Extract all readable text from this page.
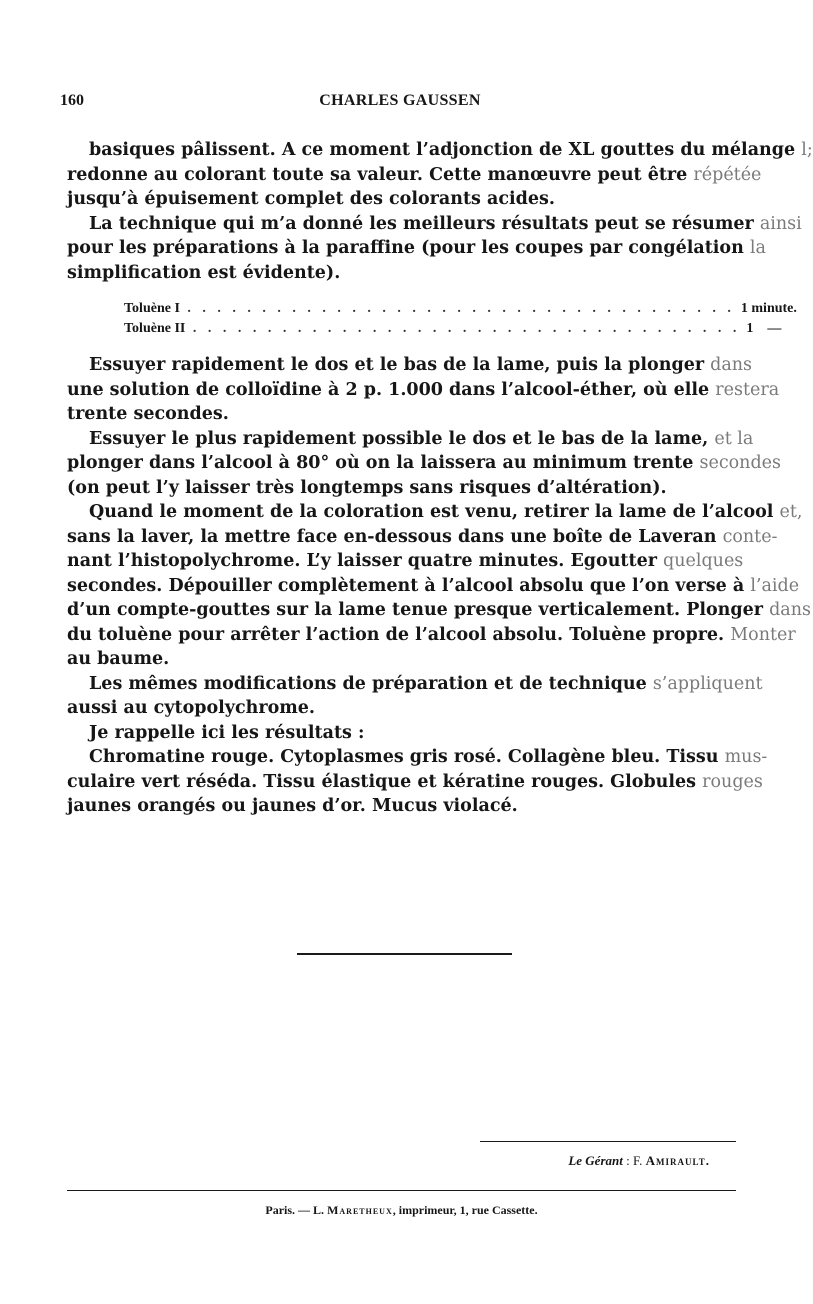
160	CHARLES GAUSSEN
basiques pâlissent. A ce moment l’adjonction de XL gouttes du mélange l;
redonne au colorant toute sa valeur. Cette manœuvre peut être répétée
jusqu’à épuisement complet des colorants acides.
La technique qui m’a donné les meilleurs résultats peut se résumer ainsi
pour les préparations à la paraffine (pour les coupes par congélation la
simplification est évidente).
Toluène I . . . . . . . . . . . . . . . . . . . . . . . . . . . . . . . . . . . . . 1 minute.
Toluène II . . . . . . . . . . . . . . . . . . . . . . . . . . . . . . . . . . . . . 1    —
Essuyer rapidement le dos et le bas de la lame, puis la plonger dans
une solution de colloïdine à 2 p. 1.000 dans l’alcool-éther, où elle restera
trente secondes.
Essuyer le plus rapidement possible le dos et le bas de la lame, et la
plonger dans l’alcool à 80° où on la laissera au minimum trente secondes
(on peut l’y laisser très longtemps sans risques d’altération).
Quand le moment de la coloration est venu, retirer la lame de l’alcool et,
sans la laver, la mettre face en-dessous dans une boîte de Laveran conte-
nant l’histopolychrome. L’y laisser quatre minutes. Egoutter quelques
secondes. Dépouiller complètement à l’alcool absolu que l’on verse à l’aide
d’un compte-gouttes sur la lame tenue presque verticalement. Plonger dans
du toluène pour arrêter l’action de l’alcool absolu. Toluène propre. Monter
au baume.
Les mêmes modifications de préparation et de technique s’appliquent
aussi au cytopolychrome.
Je rappelle ici les résultats :
Chromatine rouge. Cytoplasmes gris rosé. Collagène bleu. Tissu mus-
culaire vert réséda. Tissu élastique et kératine rouges. Globules rouges
jaunes orangés ou jaunes d’or. Mucus violacé.
Le Gérant : F. Amirault.
Paris. — L. Maretheux, imprimeur, 1, rue Cassette.
